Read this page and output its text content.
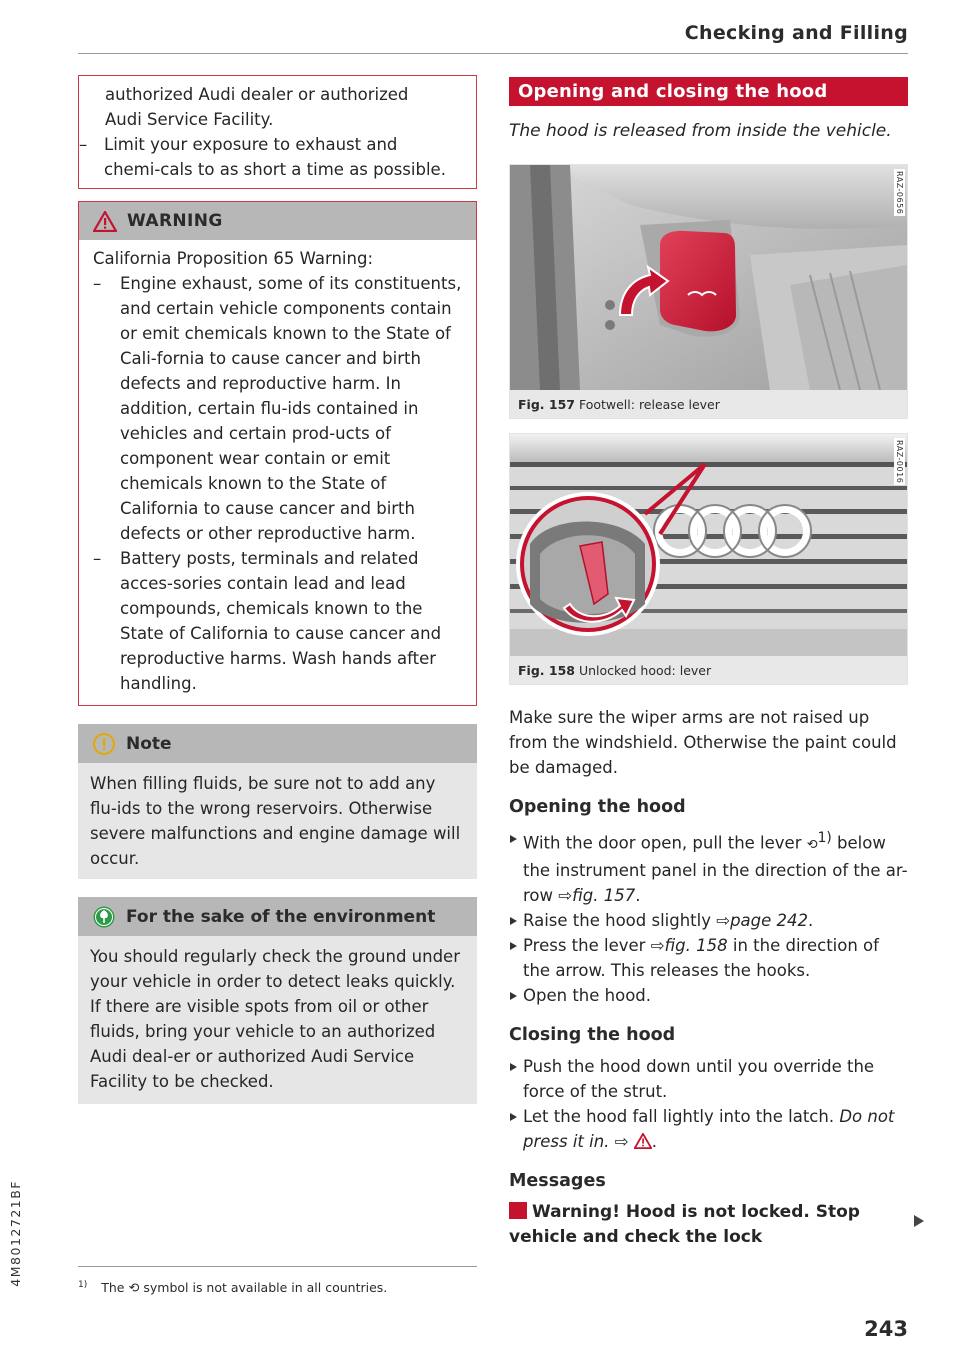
Checking and Filling

authorized Audi dealer or authorized Audi Service Facility.

– Limit your exposure to exhaust and chemi-cals to as short a time as possible.

WARNING

California Proposition 65 Warning:

– Engine exhaust, some of its constituents, and certain vehicle components contain or emit chemicals known to the State of Cali-fornia to cause cancer and birth defects and reproductive harm. In addition, certain flu-ids contained in vehicles and certain prod-ucts of component wear contain or emit chemicals known to the State of California to cause cancer and birth defects or other reproductive harm.

– Battery posts, terminals and related acces-sories contain lead and lead compounds, chemicals known to the State of California to cause cancer and reproductive harms. Wash hands after handling.

Note
When filling fluids, be sure not to add any flu-ids to the wrong reservoirs. Otherwise severe malfunctions and engine damage will occur.
For the sake of the environment
You should regularly check the ground under your vehicle in order to detect leaks quickly. If there are visible spots from oil or other fluids, bring your vehicle to an authorized Audi deal-er or authorized Audi Service Facility to be checked.
Opening and closing the hood
The hood is released from inside the vehicle.
RAZ-0656
Fig. 157 Footwell: release lever
RAZ-0016
Fig. 158 Unlocked hood: lever
Make sure the wiper arms are not raised up from the windshield. Otherwise the paint could be damaged.
Opening the hood
With the door open, pull the lever ⟲$^{1)}$ below the instrument panel in the direction of the ar-row ⇨fig. 157.
Raise the hood slightly ⇨page 242.
Press the lever ⇨fig. 158 in the direction of the arrow. This releases the hooks.
Open the hood.
Closing the hood
Push the hood down until you override the force of the strut.
Let the hood fall lightly into the latch. Do not press it in. ⇨ .
Messages
Warning! Hood is not locked. Stop vehicle and check the lock
$^{1)}$ The ⟲ symbol is not available in all countries.
243
4M8012721BF
